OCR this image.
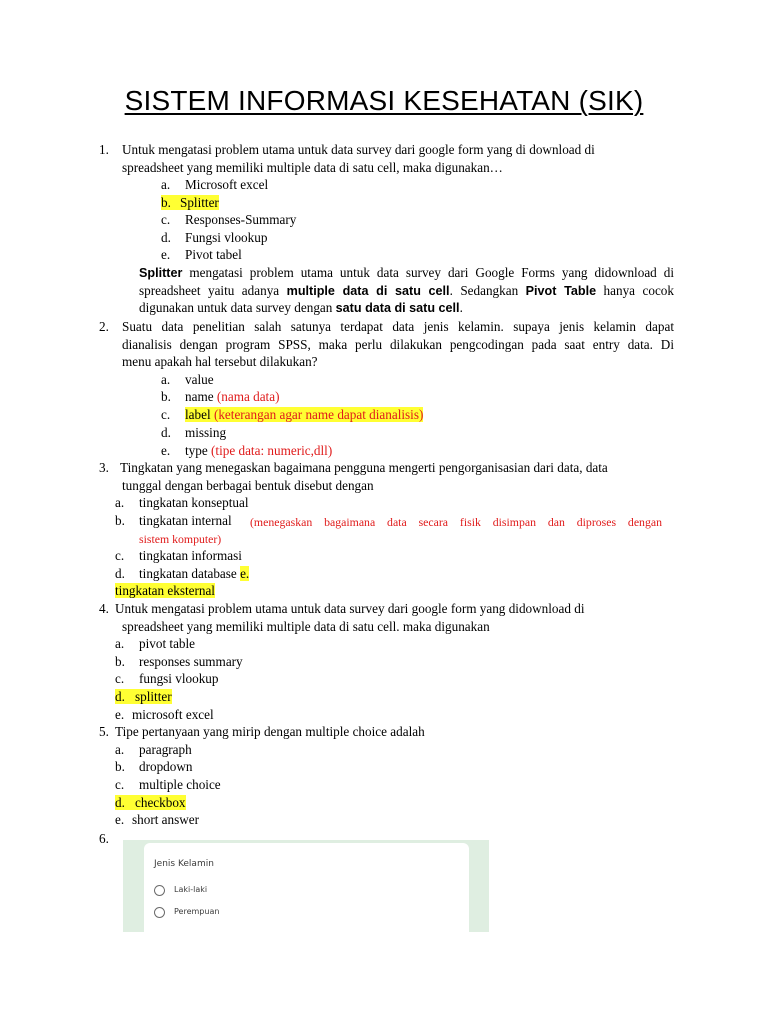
SISTEM INFORMASI KESEHATAN (SIK)
1. Untuk mengatasi problem utama untuk data survey dari google form yang di download di
spreadsheet yang memiliki multiple data di satu cell, maka digunakan…
a. Microsoft excel
b. Splitter
c. Responses-Summary
d. Fungsi vlookup
e. Pivot tabel
Splitter mengatasi problem utama untuk data survey dari Google Forms yang didownload di
spreadsheet yaitu adanya multiple data di satu cell. Sedangkan Pivot Table hanya cocok
digunakan untuk data survey dengan satu data di satu cell.
2. Suatu data penelitian salah satunya terdapat data jenis kelamin. supaya jenis kelamin dapat
dianalisis dengan program SPSS, maka perlu dilakukan pengcodingan pada saat entry data. Di
menu apakah hal tersebut dilakukan?
a. value
b. name (nama data)
c. label (keterangan agar name dapat dianalisis)
d. missing
e. type (tipe data: numeric,dll)
3. Tingkatan yang menegaskan bagaimana pengguna mengerti pengorganisasian dari data, data
tunggal dengan berbagai bentuk disebut dengan
a. tingkatan konseptual
b. tingkatan internal (menegaskan bagaimana data secara fisik disimpan dan diproses dengan
sistem komputer)
c. tingkatan informasi
d. tingkatan database e.
tingkatan eksternal
4. Untuk mengatasi problem utama untuk data survey dari google form yang didownload di
spreadsheet yang memiliki multiple data di satu cell. maka digunakan
a. pivot table
b. responses summary
c. fungsi vlookup
d. splitter
e. microsoft excel
5. Tipe pertanyaan yang mirip dengan multiple choice adalah
a. paragraph
b. dropdown
c. multiple choice
d. checkbox
e. short answer
6.
Jenis Kelamin
Laki-laki
Perempuan
